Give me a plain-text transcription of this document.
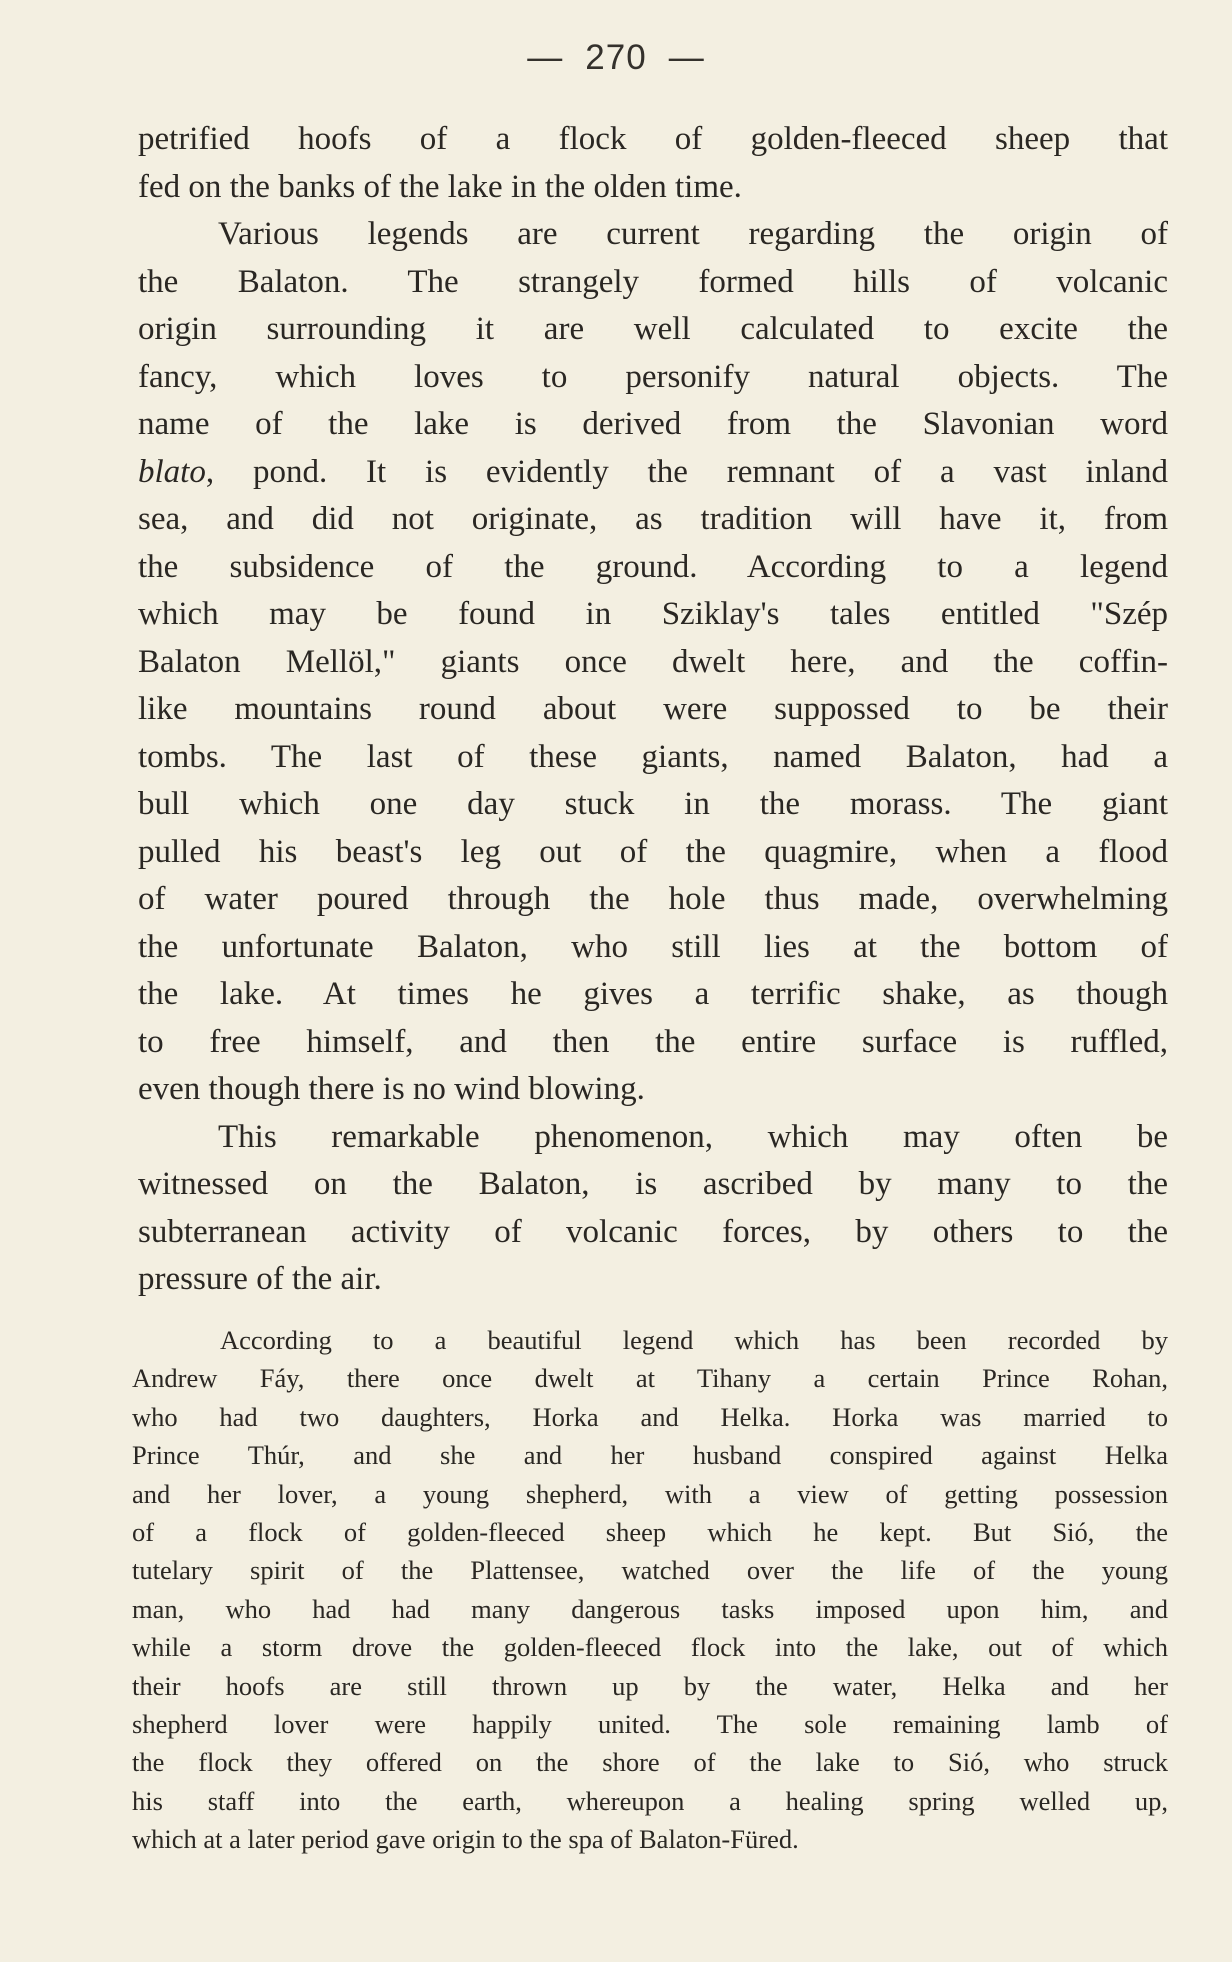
— 270 —
petrified hoofs of a flock of golden-fleeced sheep that
fed on the banks of the lake in the olden time.
Various legends are current regarding the origin of
the Balaton. The strangely formed hills of volcanic
origin surrounding it are well calculated to excite the
fancy, which loves to personify natural objects. The
name of the lake is derived from the Slavonian word
blato, pond. It is evidently the remnant of a vast inland
sea, and did not originate, as tradition will have it, from
the subsidence of the ground. According to a legend
which may be found in Sziklay's tales entitled "Szép
Balaton Mellöl," giants once dwelt here, and the coffin-
like mountains round about were suppossed to be their
tombs. The last of these giants, named Balaton, had a
bull which one day stuck in the morass. The giant
pulled his beast's leg out of the quagmire, when a flood
of water poured through the hole thus made, overwhelming
the unfortunate Balaton, who still lies at the bottom of
the lake. At times he gives a terrific shake, as though
to free himself, and then the entire surface is ruffled,
even though there is no wind blowing.
This remarkable phenomenon, which may often be
witnessed on the Balaton, is ascribed by many to the
subterranean activity of volcanic forces, by others to the
pressure of the air.
According to a beautiful legend which has been recorded by
Andrew Fáy, there once dwelt at Tihany a certain Prince Rohan,
who had two daughters, Horka and Helka. Horka was married to
Prince Thúr, and she and her husband conspired against Helka
and her lover, a young shepherd, with a view of getting possession
of a flock of golden-fleeced sheep which he kept. But Sió, the
tutelary spirit of the Plattensee, watched over the life of the young
man, who had had many dangerous tasks imposed upon him, and
while a storm drove the golden-fleeced flock into the lake, out of which
their hoofs are still thrown up by the water, Helka and her
shepherd lover were happily united. The sole remaining lamb of
the flock they offered on the shore of the lake to Sió, who struck
his staff into the earth, whereupon a healing spring welled up,
which at a later period gave origin to the spa of Balaton-Füred.
